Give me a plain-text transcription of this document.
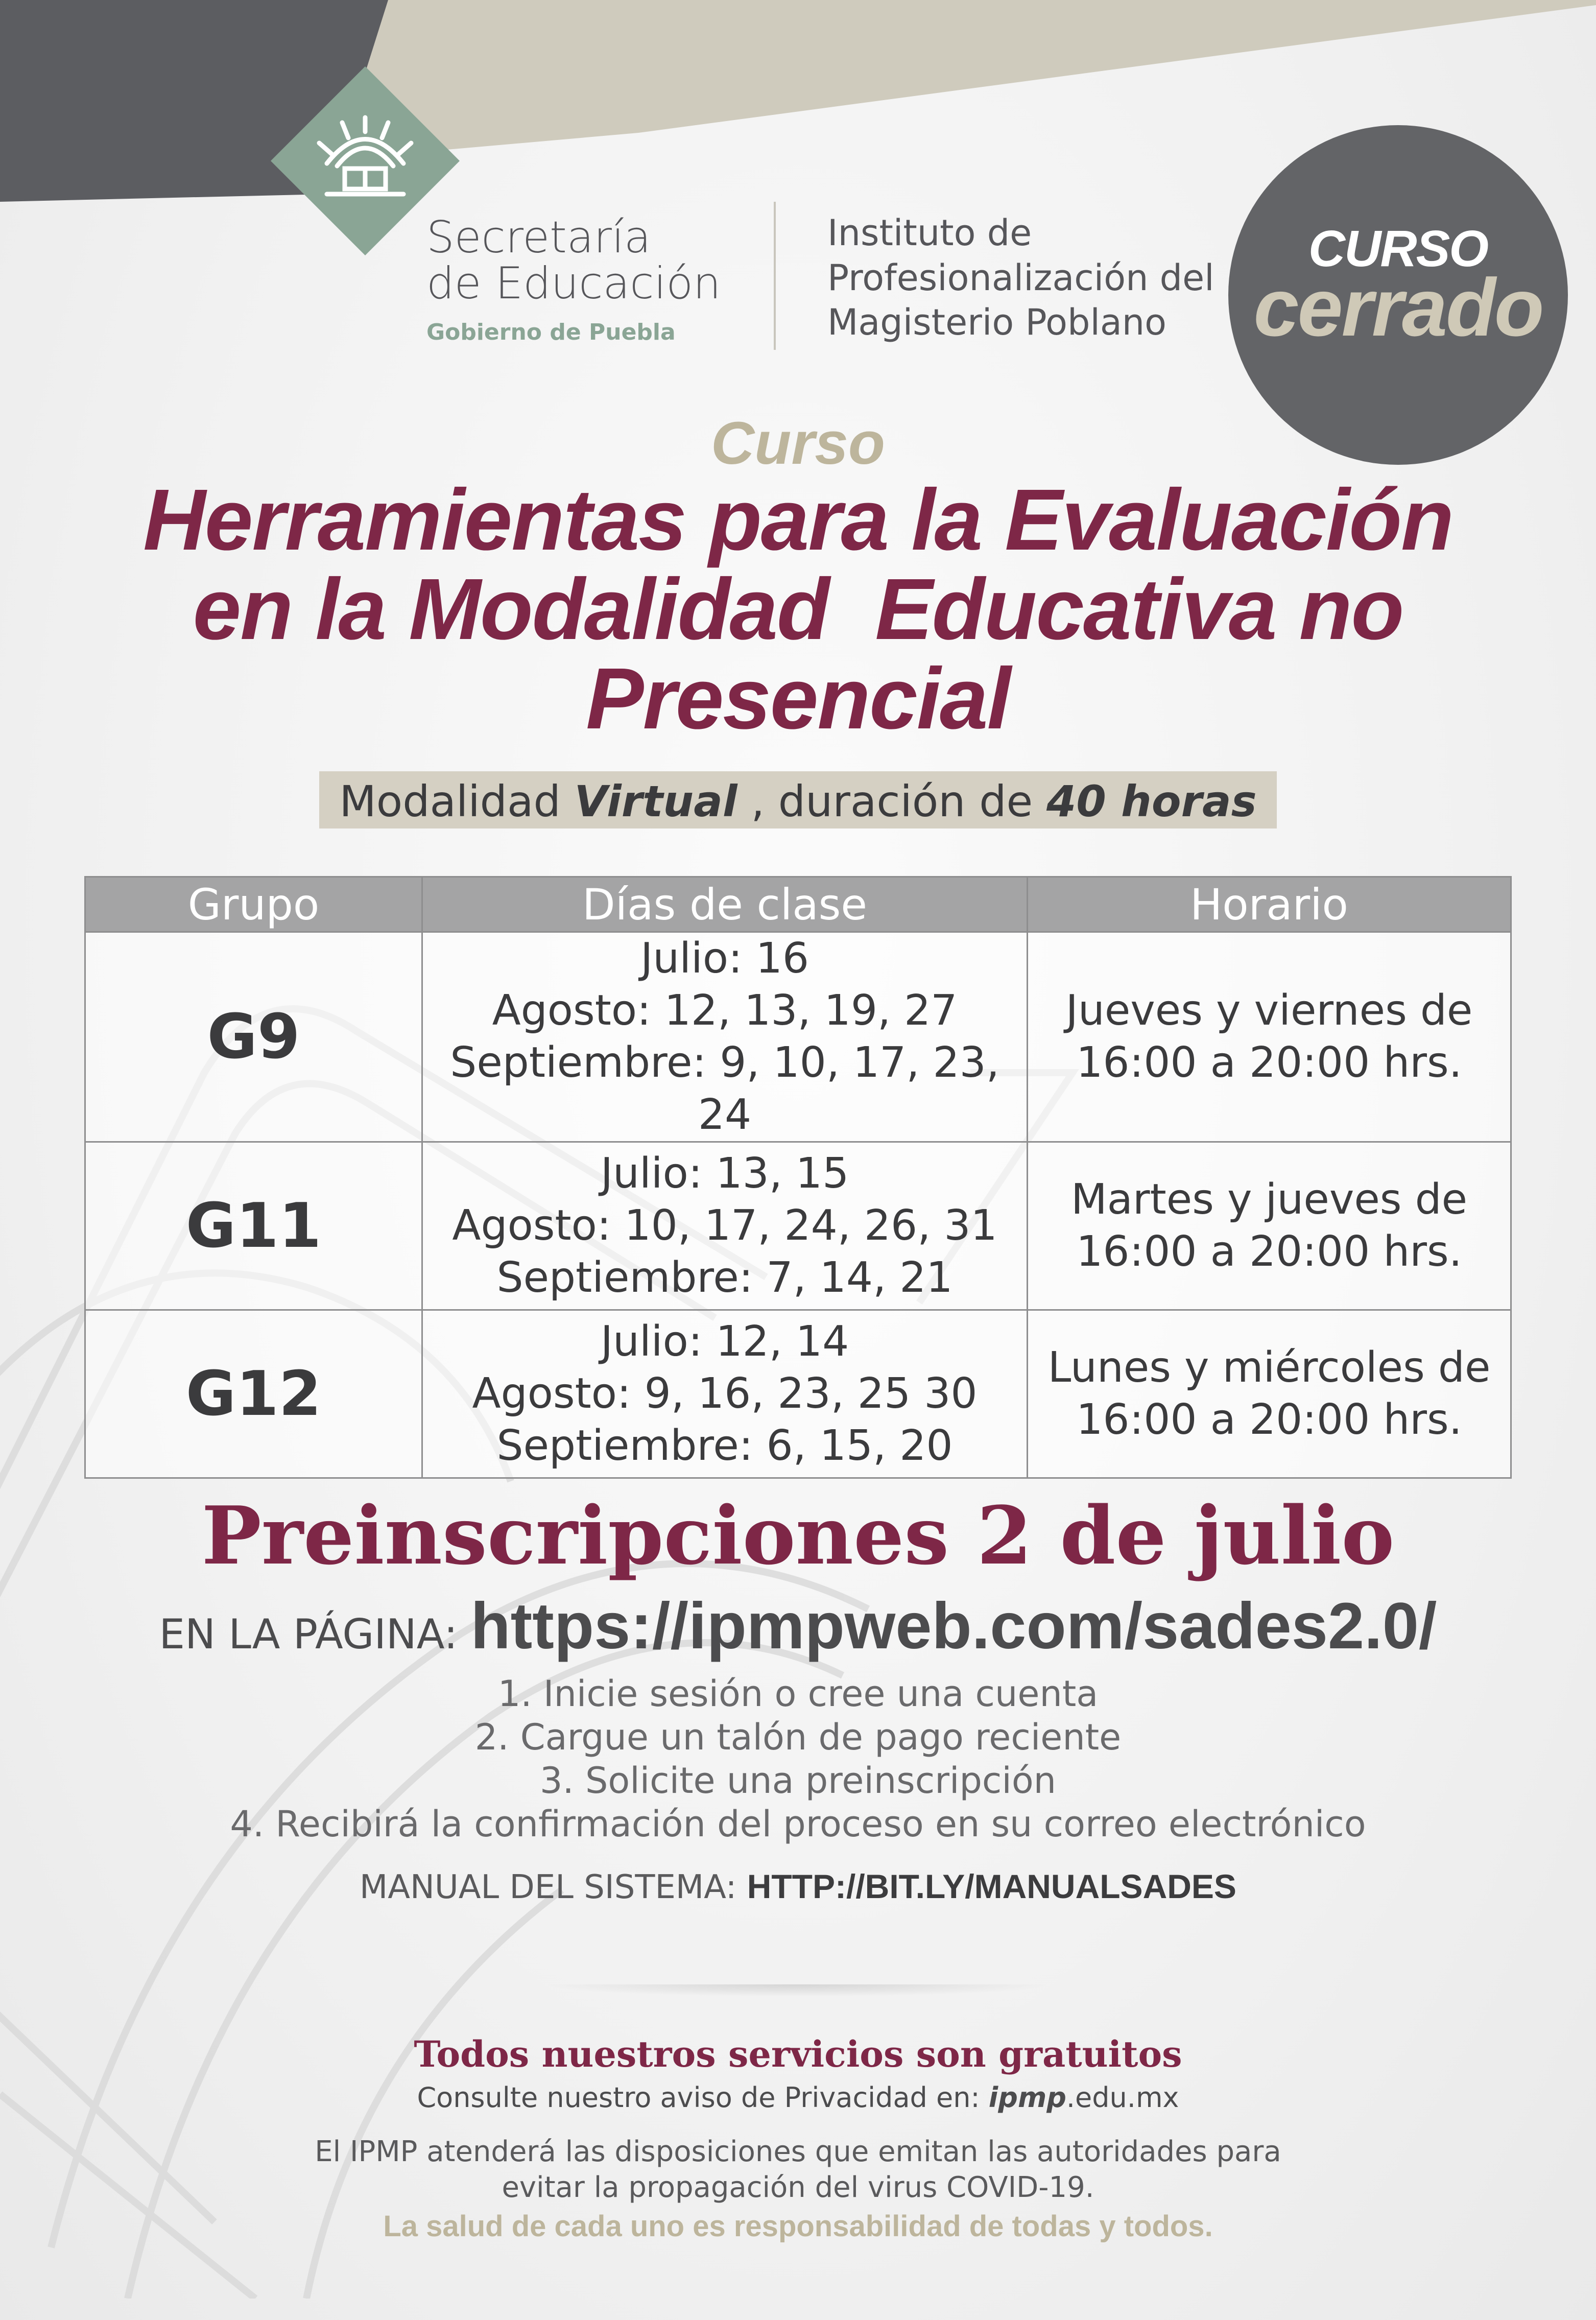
Secretaría
de Educación
Gobierno de Puebla
Instituto de
Profesionalización del
Magisterio Poblano
CURSO
cerrado
Curso
Herramientas para la Evaluación
en la Modalidad  Educativa no
Presencial
Modalidad Virtual , duración de 40 horas
Grupo	Días de clase	Horario
G9	Julio: 16
Agosto: 12, 13, 19, 27
Septiembre: 9, 10, 17, 23, 24	Jueves y viernes de
16:00 a 20:00 hrs.

G11	Julio: 13, 15
Agosto: 10, 17, 24, 26, 31
Septiembre: 7, 14, 21	Martes y jueves de
16:00 a 20:00 hrs.

G12	Julio: 12, 14
Agosto: 9, 16, 23, 25 30
Septiembre: 6, 15, 20	Lunes y miércoles de
16:00 a 20:00 hrs.
Preinscripciones 2 de julio
EN LA PÁGINA: https://ipmpweb.com/sades2.0/
1. Inicie sesión o cree una cuenta
2. Cargue un talón de pago reciente
3. Solicite una preinscripción
4. Recibirá la confirmación del proceso en su correo electrónico
MANUAL DEL SISTEMA: HTTP://BIT.LY/MANUALSADES
Todos nuestros servicios son gratuitos
Consulte nuestro aviso de Privacidad en: ipmp.edu.mx
El IPMP atenderá las disposiciones que emitan las autoridades para
evitar la propagación del virus COVID-19.
La salud de cada uno es responsabilidad de todas y todos.
